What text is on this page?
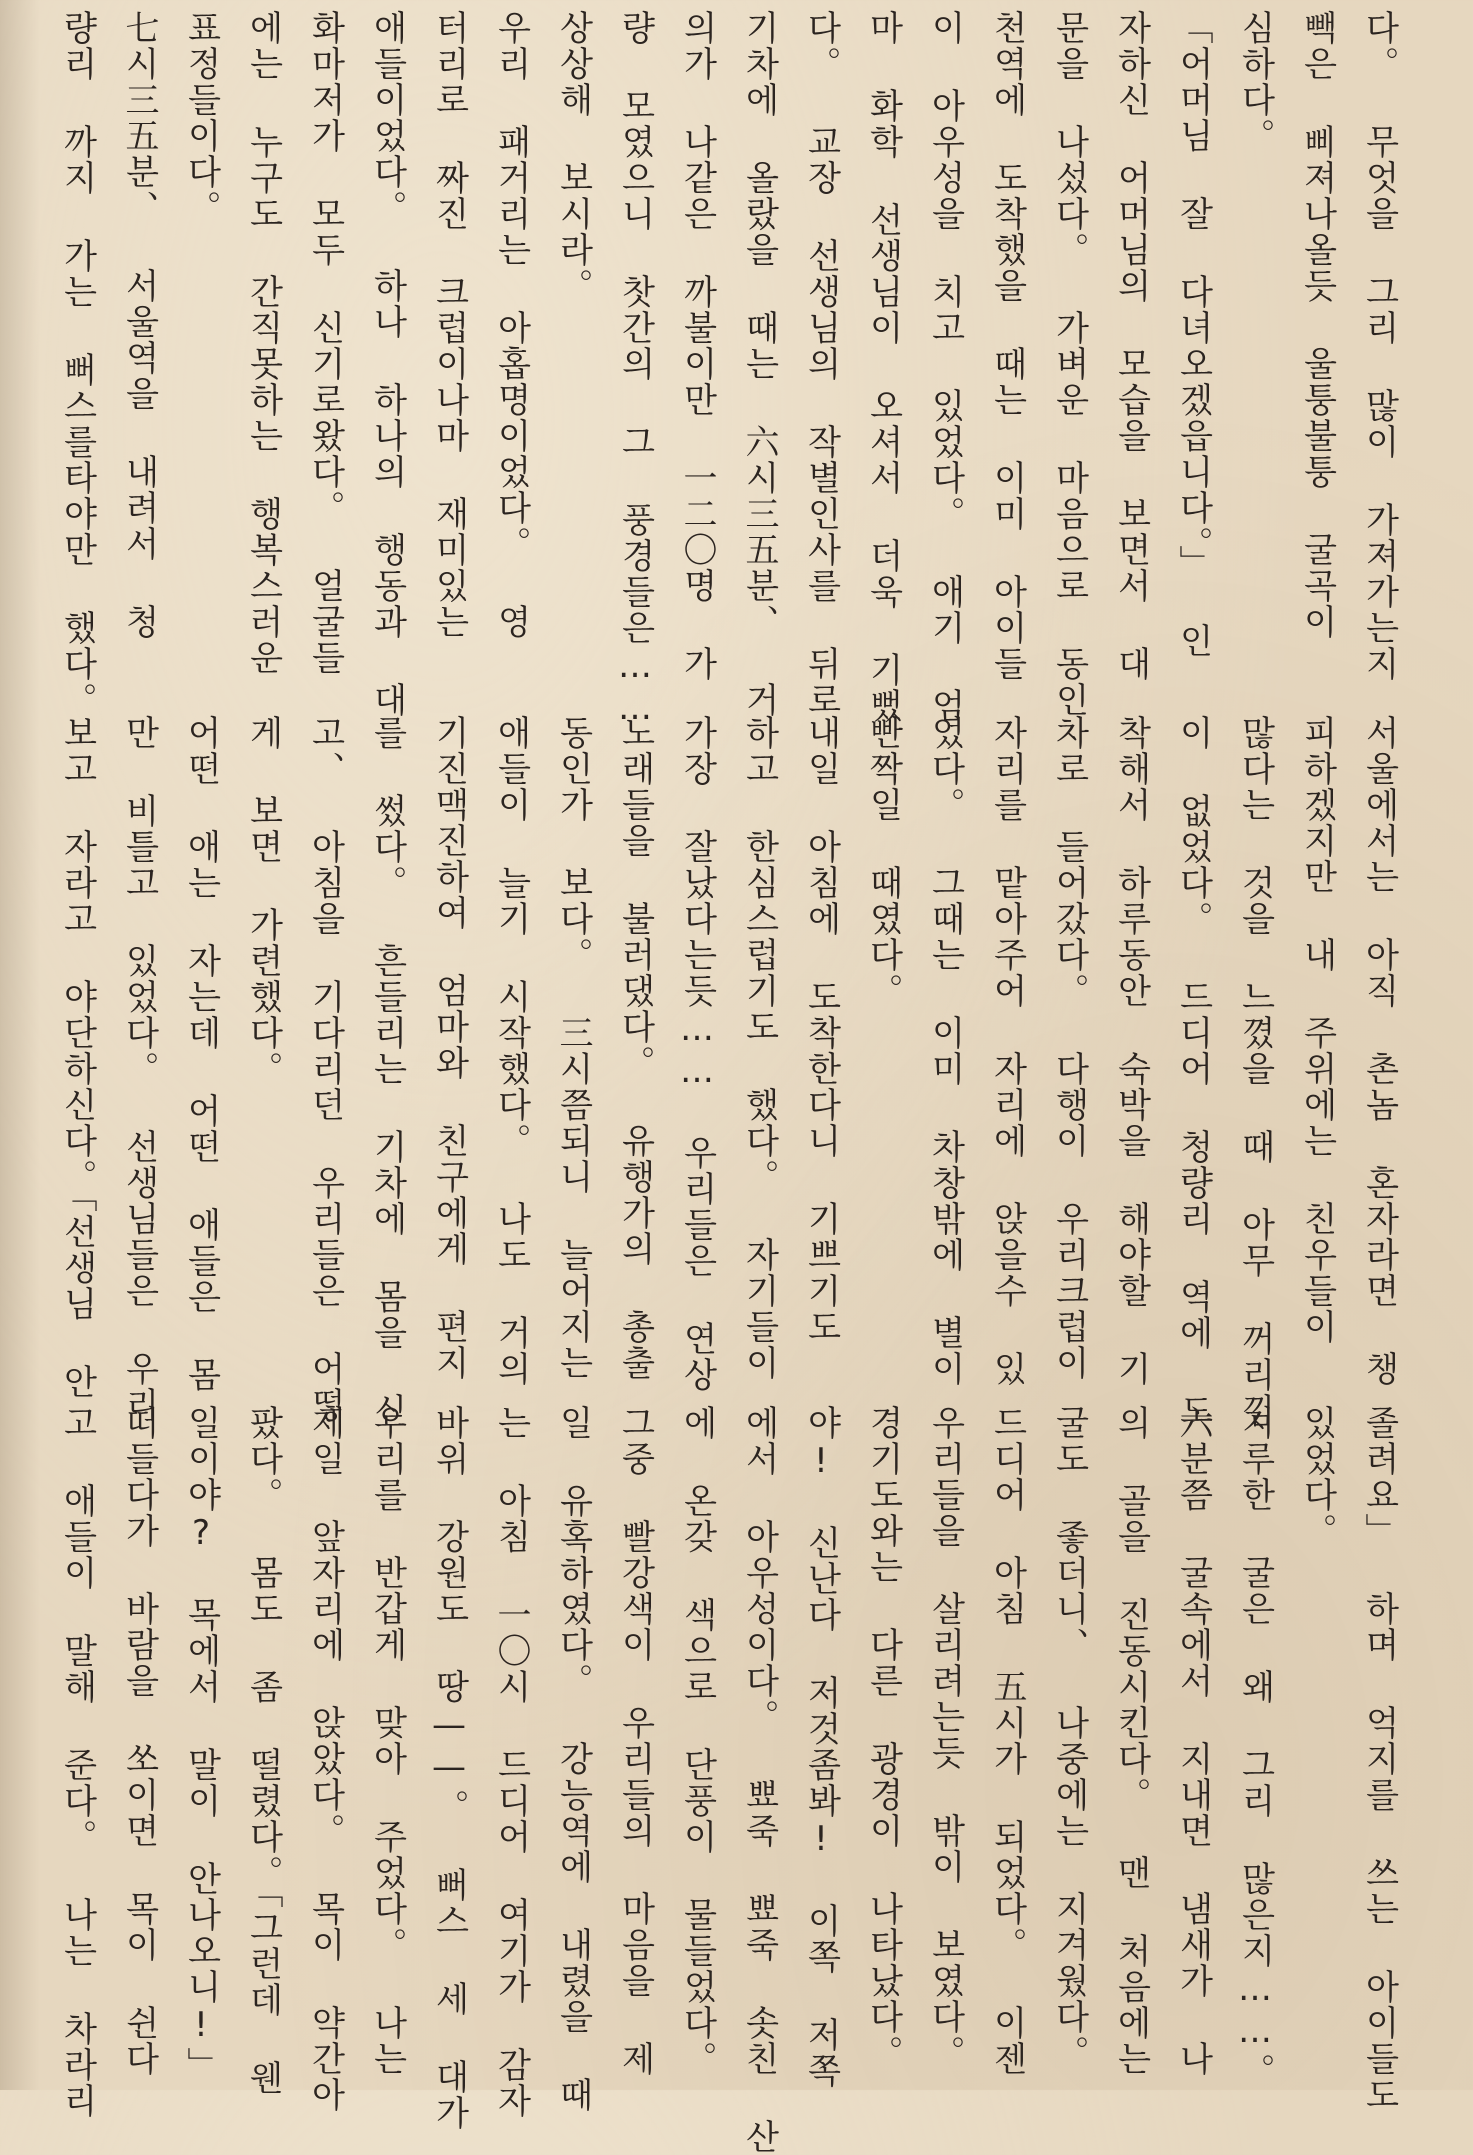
다。 무엇을 그리 많이 가져가는지
빽은 삐져나올듯 울퉁불퉁 굴곡이
심하다。
「어머님 잘 다녀오겠읍니다。」 인
자하신 어머님의 모습을 보면서 대
문을 나섰다。 가벼운 마음으로 동인
천역에 도착했을 때는 이미 아이들
이 아우성을 치고 있었다。 애기 엄
마 화학 선생님이 오셔서 더욱 기뻤
다。 교장 선생님의 작별인사를 뒤로
기차에 올랐을 때는 六시三五분、 거
의가 나같은 까불이만 一二〇명 가
량 모였으니 찻간의 그 풍경들은……
상상해 보시라。
우리 패거리는 아홉명이었다。 영
터리로 짜진 크럽이나마 재미있는
애들이었다。 하나 하나의 행동과 대
화마저가 모두 신기로왔다。 얼굴들
에는 누구도 간직못하는 행복스러운
표정들이다。
七시三五분、 서울역을 내려서 청
량리 까지 가는 뻐스를타야만 했다。
서울에서는 아직 촌놈 혼자라면 챙
피하겠지만 내 주위에는 친우들이
많다는 것을 느꼈을 때 아무 꺼리낌
이 없었다。 드디어 청량리 역에 도
착해서 하루동안 숙박을 해야할 기
차로 들어갔다。 다행이 우리크럽이
자리를 맡아주어 자리에 앉을수 있
었다。 그때는 이미 차창밖에 별이
빤짝일 때였다。
내일 아침에 도착한다니 기쁘기도
하고 한심스럽기도 했다。 자기들이
가장 잘났다는듯…… 우리들은 연상
노래들을 불러댔다。 유행가의 총출
동인가 보다。 三시쯤되니 늘어지는
애들이 늘기 시작했다。 나도 거의
기진맥진하여 엄마와 친구에게 편지
를 썼다。 흔들리는 기차에 몸을 싣
고、 아침을 기다리던 우리들은 어떻
게 보면 가련했다。
어떤 애는 자는데 어떤 애들은 몸
만 비틀고 있었다。 선생님들은 우리
보고 자라고 야단하신다。「선생님 안
졸려요」 하며 억지를 쓰는 아이들도
있었다。
지루한 굴은 왜 그리 많은지……。
六분쯤 굴속에서 지내면 냄새가 나
의 골을 진동시킨다。 맨 처음에는
굴도 좋더니、 나중에는 지겨웠다。
드디어 아침 五시가 되었다。 이젠
우리들을 살리려는듯 밖이 보였다。
경기도와는 다른 광경이 나타났다。
야! 신난다 저것좀봐! 이쪽 저쪽
에서 아우성이다。 뾰죽 뾰죽 솟친 산
에 온갖 색으로 단풍이 물들었다。
그중 빨강색이 우리들의 마음을 제
일 유혹하였다。 강능역에 내렸을 때
는 아침 一〇시 드디어 여기가 감자
바위 강원도 땅——。 뻐스 세 대가
우리를 반갑게 맞아 주었다。 나는
제일 앞자리에 앉았다。 목이 약간아
팠다。 몸도 좀 떨렸다。「그런데 웬
일이야? 목에서 말이 안나오니!」
떠들다가 바람을 쏘이면 목이 쉰다
고 애들이 말해 준다。 나는 차라리
